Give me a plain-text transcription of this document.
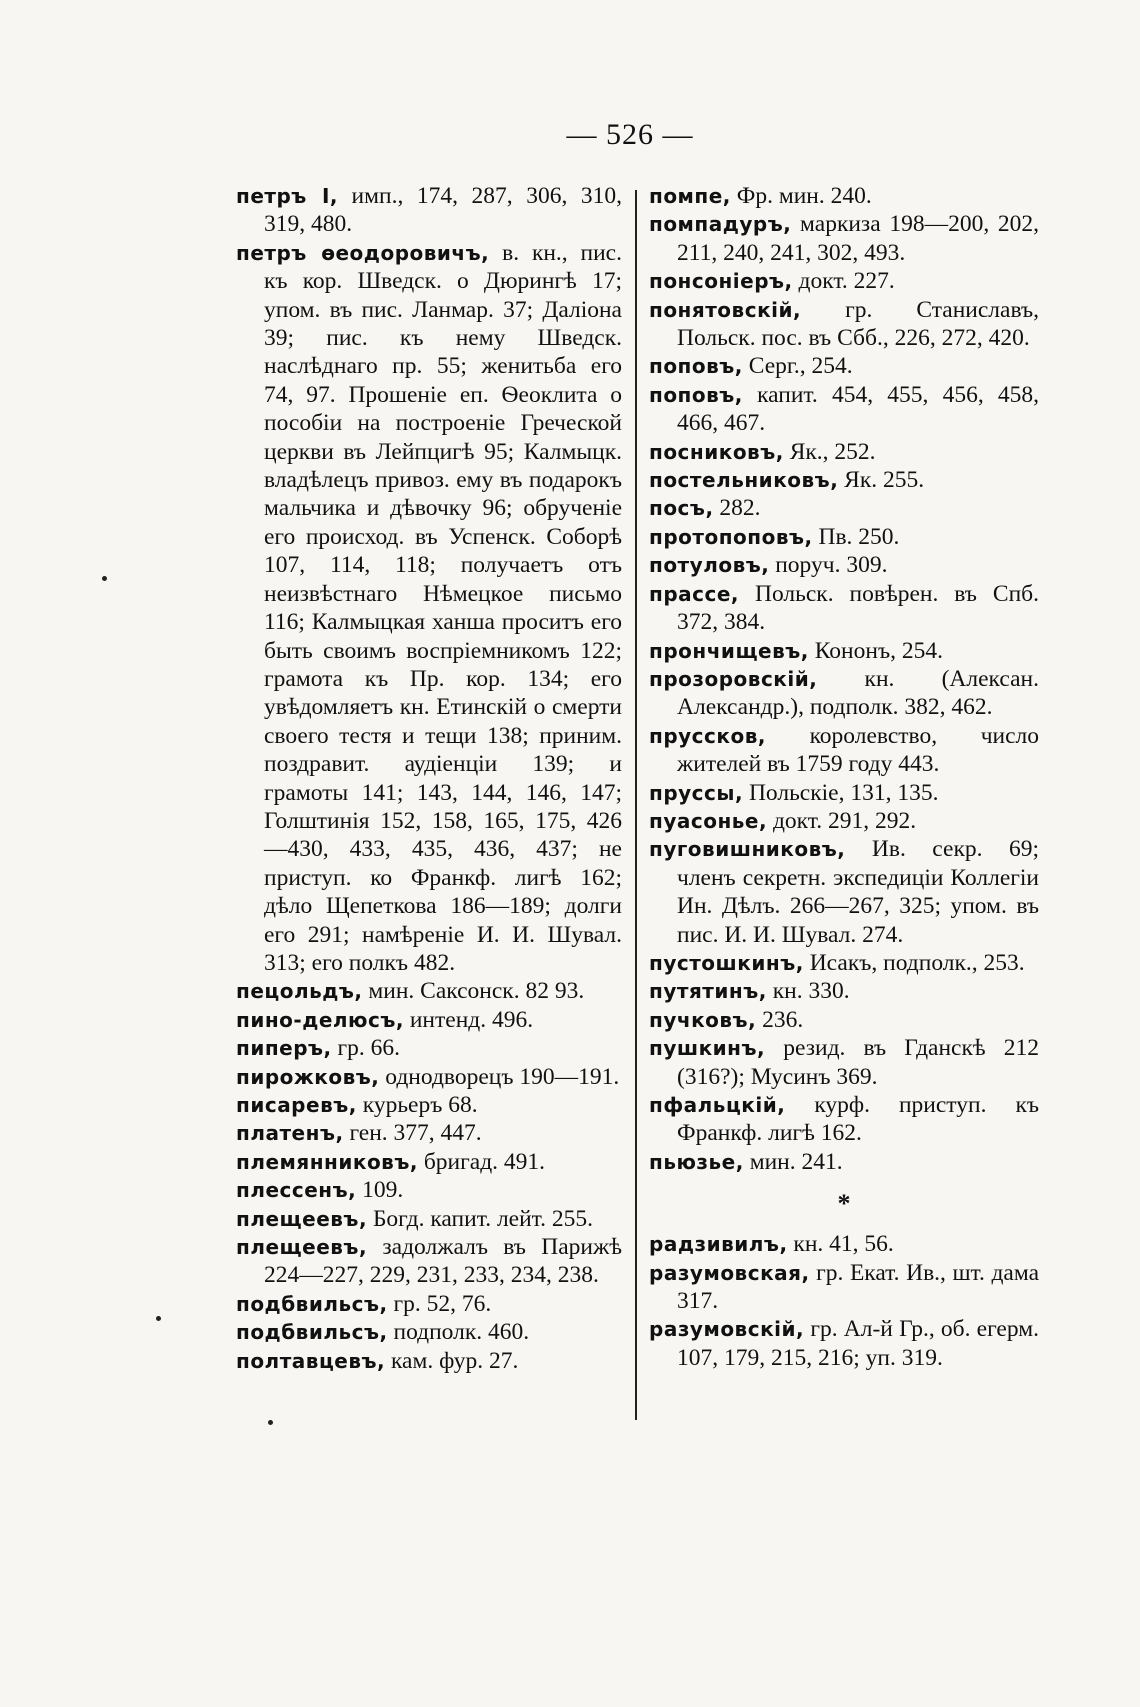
— 526 —
петръ I, имп., 174, 287, 306, 310, 319, 480.
петръ ѳеодоровичъ, в. кн., пис. къ кор. Шведск. о Дюрингѣ 17; упом. въ пис. Ланмар. 37; Даліона 39; пис. къ нему Шведск. наслѣднаго пр. 55; женитьба его 74, 97. Прошеніе еп. Ѳеоклита о пособіи на построеніе Греческой церкви въ Лейпцигѣ 95; Калмыцк. владѣлецъ привоз. ему въ подарокъ мальчика и дѣвочку 96; обрученіе его происход. въ Успенск. Соборѣ 107, 114, 118; получаетъ отъ неизвѣстнаго Нѣмецкое письмо 116; Калмыцкая ханша проситъ его быть своимъ воспріемникомъ 122; грамота къ Пр. кор. 134; его увѣдомляетъ кн. Етинскій о смерти своего тестя и тещи 138; приним. поздравит. аудіенціи 139; и грамоты 141; 143, 144, 146, 147; Голштинія 152, 158, 165, 175, 426—430, 433, 435, 436, 437; не приступ. ко Франкф. лигѣ 162; дѣло Щепеткова 186—189; долги его 291; намѣреніе И. И. Шувал. 313; его полкъ 482.
пецольдъ, мин. Саксонск. 82 93.
пино-делюсъ, интенд. 496.
пиперъ, гр. 66.
пирожковъ, однодворецъ 190—191.
писаревъ, курьеръ 68.
платенъ, ген. 377, 447.
племянниковъ, бригад. 491.
плессенъ, 109.
плещеевъ, Богд. капит. лейт. 255.
плещеевъ, задолжалъ въ Парижѣ 224—227, 229, 231, 233, 234, 238.
подбвильсъ, гр. 52, 76.
подбвильсъ, подполк. 460.
полтавцевъ, кам. фур. 27.
помпе, Фр. мин. 240.
помпадуръ, маркиза 198—200, 202, 211, 240, 241, 302, 493.
понсоніеръ, докт. 227.
понятовскій, гр. Станиславъ, Польск. пос. въ Сбб., 226, 272, 420.
поповъ, Серг., 254.
поповъ, капит. 454, 455, 456, 458, 466, 467.
посниковъ, Як., 252.
постельниковъ, Як. 255.
посъ, 282.
протопоповъ, Пв. 250.
потуловъ, поруч. 309.
прассе, Польск. повѣрен. въ Спб. 372, 384.
прончищевъ, Кононъ, 254.
прозоровскій, кн. (Алексан. Александр.), подполк. 382, 462.
пруссков, королевство, число жителей въ 1759 году 443.
пруссы, Польскіе, 131, 135.
пуасонье, докт. 291, 292.
пуговишниковъ, Ив. секр. 69; членъ секретн. экспедиціи Коллегіи Ин. Дѣлъ. 266—267, 325; упом. въ пис. И. И. Шувал. 274.
пустошкинъ, Исакъ, подполк., 253.
путятинъ, кн. 330.
пучковъ, 236.
пушкинъ, резид. въ Гданскѣ 212 (316?); Мусинъ 369.
пфальцкій, курф. приступ. къ Франкф. лигѣ 162.
пьюзье, мин. 241.
*
радзивилъ, кн. 41, 56.
разумовская, гр. Екат. Ив., шт. дама 317.
разумовскій, гр. Ал-й Гр., об. егерм. 107, 179, 215, 216; уп. 319.
